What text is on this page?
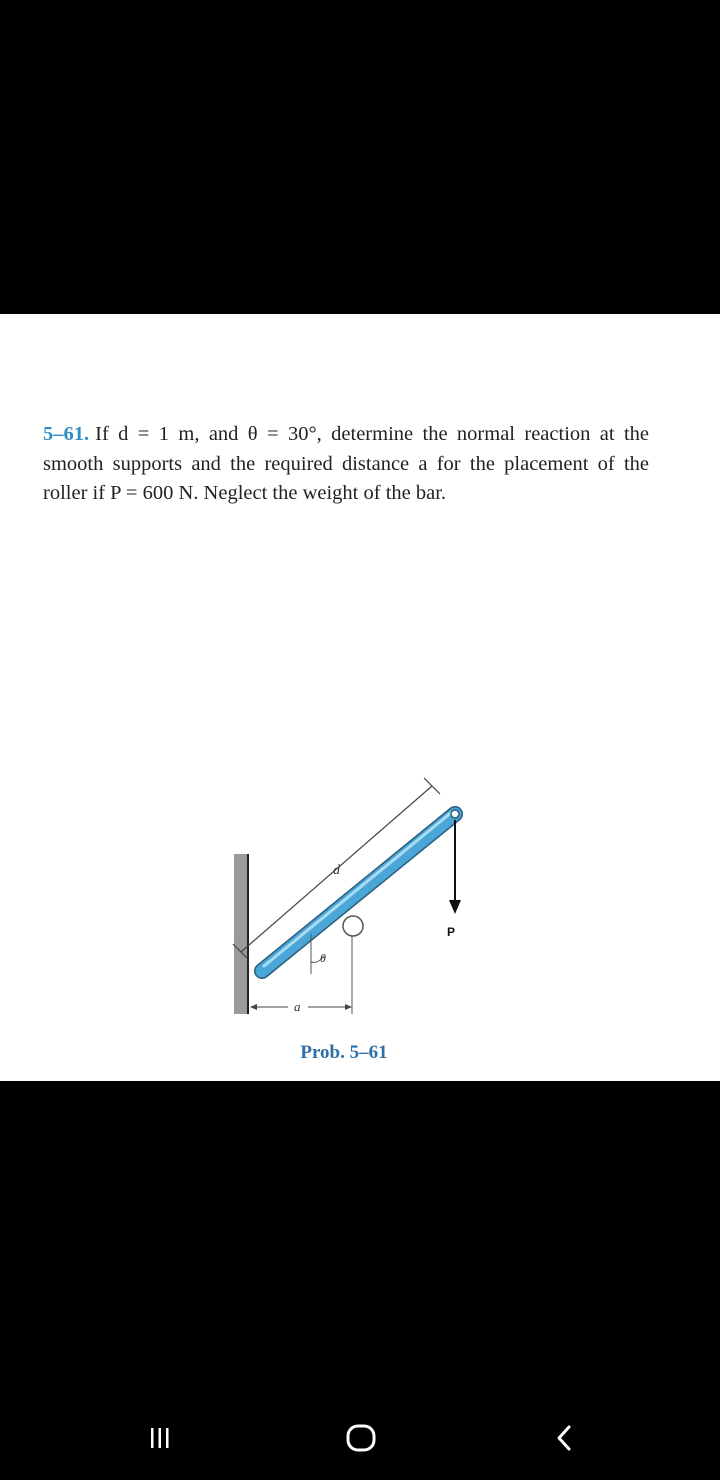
5–61. If d = 1 m, and θ = 30°, determine the normal reaction at the smooth supports and the required distance a for the placement of the roller if P = 600 N. Neglect the weight of the bar.

d
θ
a
P
Prob. 5–61
